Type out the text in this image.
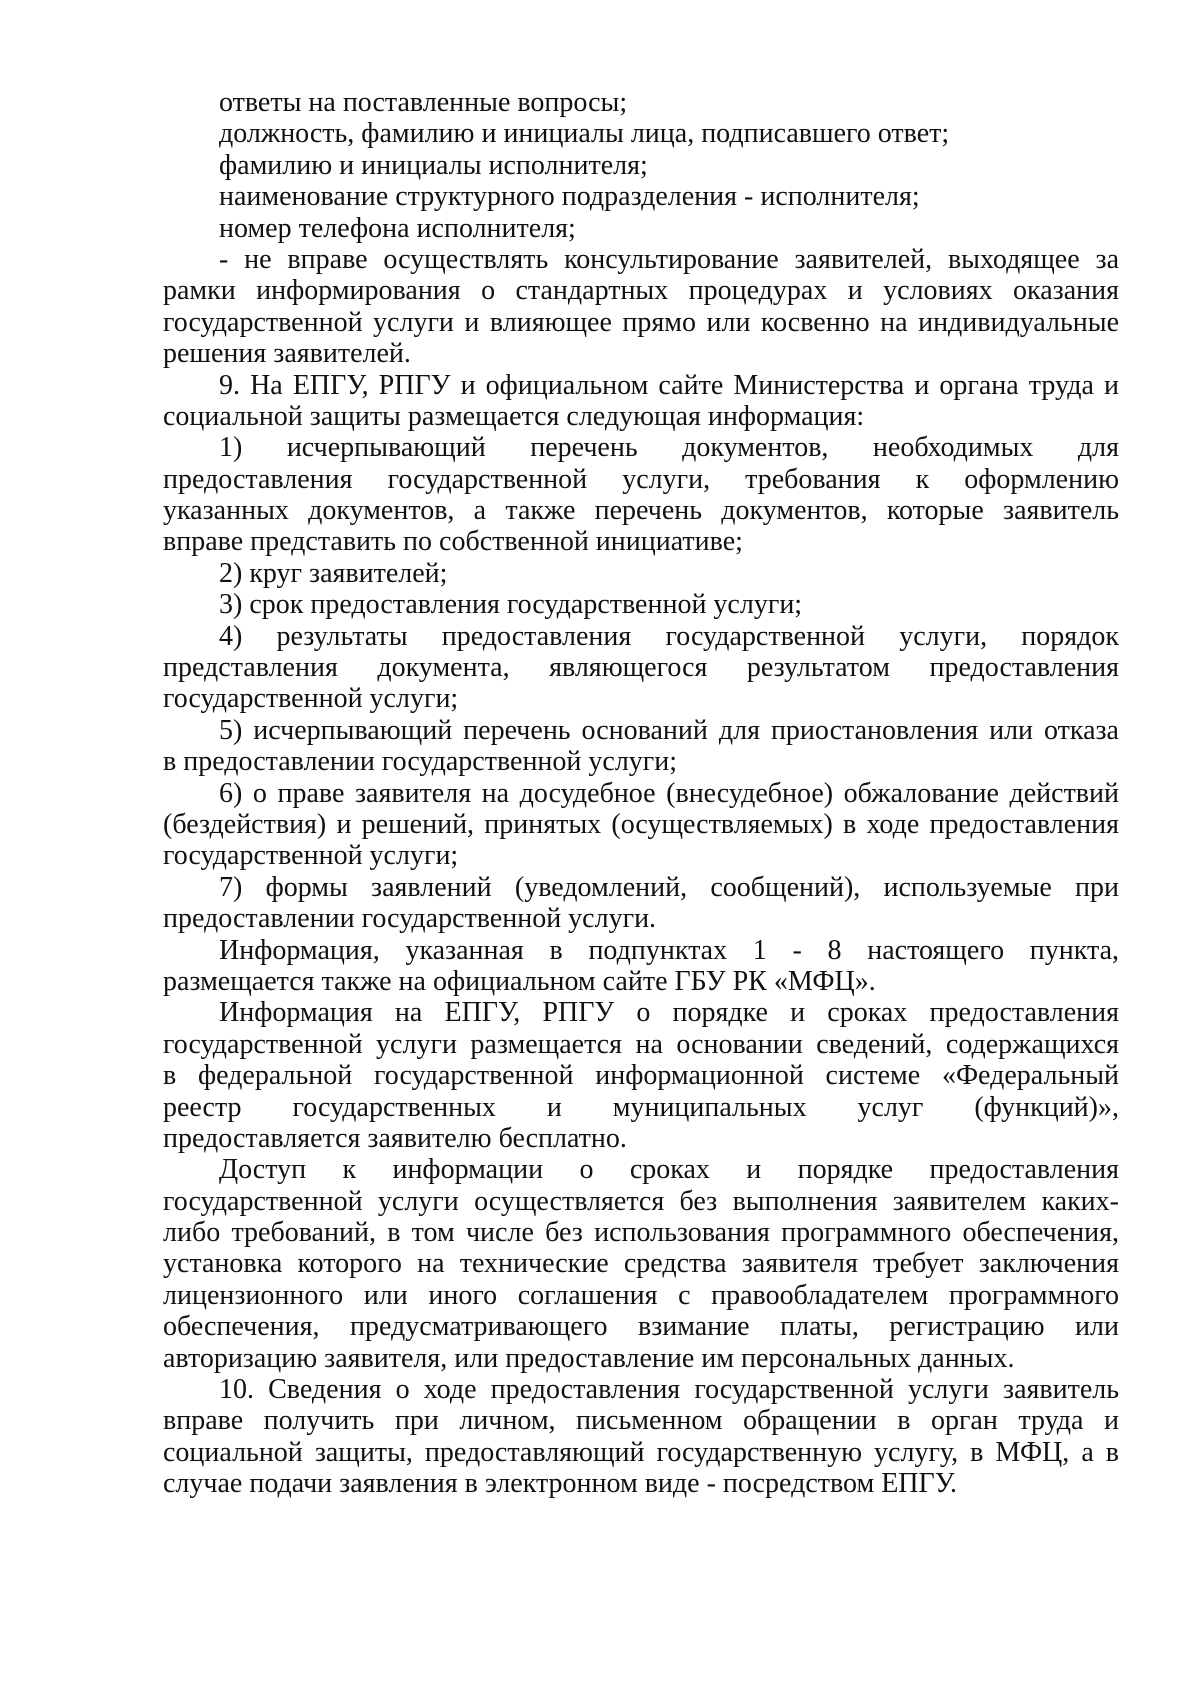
ответы на поставленные вопросы;
должность, фамилию и инициалы лица, подписавшего ответ;
фамилию и инициалы исполнителя;
наименование структурного подразделения - исполнителя;
номер телефона исполнителя;
- не вправе осуществлять консультирование заявителей, выходящее за
рамки информирования о стандартных процедурах и условиях оказания
государственной услуги и влияющее прямо или косвенно на индивидуальные
решения заявителей.
9. На ЕПГУ, РПГУ и официальном сайте Министерства и органа труда и
социальной защиты размещается следующая информация:
1) исчерпывающий перечень документов, необходимых для
предоставления государственной услуги, требования к оформлению
указанных документов, а также перечень документов, которые заявитель
вправе представить по собственной инициативе;
2) круг заявителей;
3) срок предоставления государственной услуги;
4) результаты предоставления государственной услуги, порядок
представления документа, являющегося результатом предоставления
государственной услуги;
5) исчерпывающий перечень оснований для приостановления или отказа
в предоставлении государственной услуги;
6) о праве заявителя на досудебное (внесудебное) обжалование действий
(бездействия) и решений, принятых (осуществляемых) в ходе предоставления
государственной услуги;
7) формы заявлений (уведомлений, сообщений), используемые при
предоставлении государственной услуги.
Информация, указанная в подпунктах 1 - 8 настоящего пункта,
размещается также на официальном сайте ГБУ РК «МФЦ».
Информация на ЕПГУ, РПГУ о порядке и сроках предоставления
государственной услуги размещается на основании сведений, содержащихся
в федеральной государственной информационной системе «Федеральный
реестр государственных и муниципальных услуг (функций)»,
предоставляется заявителю бесплатно.
Доступ к информации о сроках и порядке предоставления
государственной услуги осуществляется без выполнения заявителем каких-
либо требований, в том числе без использования программного обеспечения,
установка которого на технические средства заявителя требует заключения
лицензионного или иного соглашения с правообладателем программного
обеспечения, предусматривающего взимание платы, регистрацию или
авторизацию заявителя, или предоставление им персональных данных.
10. Сведения о ходе предоставления государственной услуги заявитель
вправе получить при личном, письменном обращении в орган труда и
социальной защиты, предоставляющий государственную услугу, в МФЦ, а в
случае подачи заявления в электронном виде - посредством ЕПГУ.
